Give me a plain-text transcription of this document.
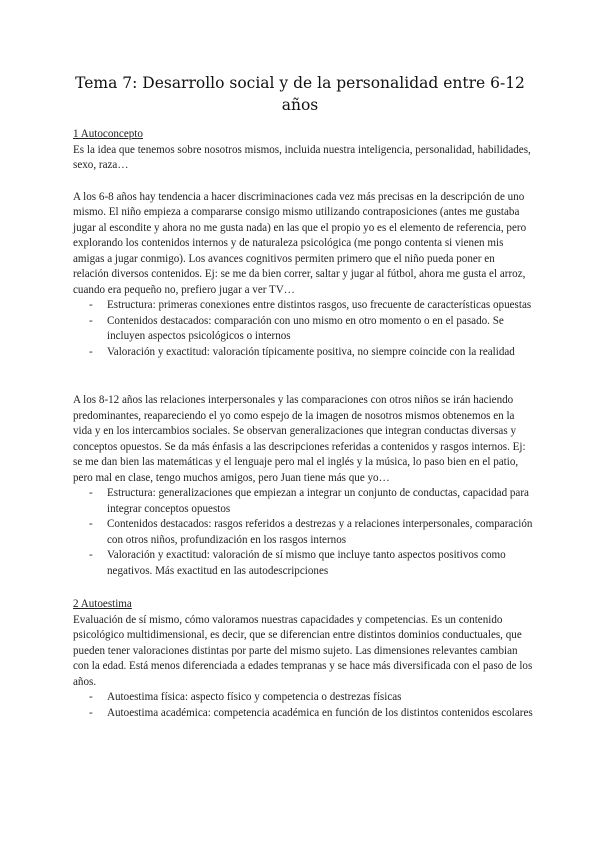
Tema 7: Desarrollo social y de la personalidad entre 6-12 años

1 Autoconcepto

Es la idea que tenemos sobre nosotros mismos, incluida nuestra inteligencia, personalidad, habilidades, sexo, raza…

A los 6-8 años hay tendencia a hacer discriminaciones cada vez más precisas en la descripción de uno mismo. El niño empieza a compararse consigo mismo utilizando contraposiciones (antes me gustaba jugar al escondite y ahora no me gusta nada) en las que el propio yo es el elemento de referencia, pero explorando los contenidos internos y de naturaleza psicológica (me pongo contenta si vienen mis amigas a jugar conmigo). Los avances cognitivos permiten primero que el niño pueda poner en relación diversos contenidos. Ej: se me da bien correr, saltar y jugar al fútbol, ahora me gusta el arroz, cuando era pequeño no, prefiero jugar a ver TV…

- Estructura: primeras conexiones entre distintos rasgos, uso frecuente de características opuestas
- Contenidos destacados: comparación con uno mismo en otro momento o en el pasado. Se incluyen aspectos psicológicos o internos
- Valoración y exactitud: valoración típicamente positiva, no siempre coincide con la realidad

A los 8-12 años las relaciones interpersonales y las comparaciones con otros niños se irán haciendo predominantes, reapareciendo el yo como espejo de la imagen de nosotros mismos obtenemos en la vida y en los intercambios sociales. Se observan generalizaciones que integran conductas diversas y conceptos opuestos. Se da más énfasis a las descripciones referidas a contenidos y rasgos internos. Ej: se me dan bien las matemáticas y el lenguaje pero mal el inglés y la música, lo paso bien en el patio, pero mal en clase, tengo muchos amigos, pero Juan tiene más que yo…

- Estructura: generalizaciones que empiezan a integrar un conjunto de conductas, capacidad para integrar conceptos opuestos
- Contenidos destacados: rasgos referidos a destrezas y a relaciones interpersonales, comparación con otros niños, profundización en los rasgos internos
- Valoración y exactitud: valoración de sí mismo que incluye tanto aspectos positivos como negativos. Más exactitud en las autodescripciones

2 Autoestima

Evaluación de sí mismo, cómo valoramos nuestras capacidades y competencias. Es un contenido psicológico multidimensional, es decir, que se diferencian entre distintos dominios conductuales, que pueden tener valoraciones distintas por parte del mismo sujeto. Las dimensiones relevantes cambian con la edad. Está menos diferenciada a edades tempranas y se hace más diversificada con el paso de los años.

- Autoestima física: aspecto físico y competencia o destrezas físicas
- Autoestima académica: competencia académica en función de los distintos contenidos escolares
